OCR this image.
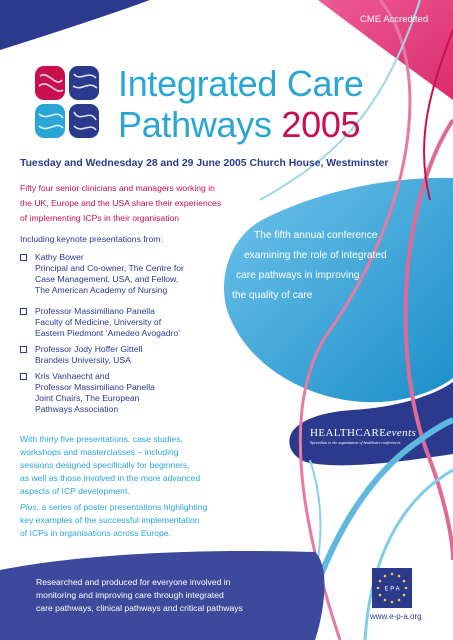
CME Accredited
Integrated Care
Pathways 2005
Tuesday and Wednesday 28 and 29 June 2005 Church House, Westminster
Fifty four senior clinicians and managers working in
the UK, Europe and the USA share their experiences
of implementing ICPs in their organisation
Including keynote presentations from:
Kathy Bower
Principal and Co-owner, The Centre for
Case Management, USA, and Fellow,
The American Academy of Nursing
Professor Massimiliano Panella
Faculty of Medicine, University of
Eastern Piedmont ‘Amedeo Avogadro’
Professor Jody Hoffer Gittell
Brandeis University, USA
Kris Vanhaecht and
Professor Massimiliano Panella
Joint Chairs, The European
Pathways Association
The fifth annual conference
examining the role of integrated
care pathways in improving
the quality of care
HEALTHCAREevents
Specialists in the organisation of healthcare conferences
With thirty five presentations, case studies,
workshops and masterclasses – including
sessions designed specifically for beginners,
as well as those involved in the more advanced
aspects of ICP development.
Plus, a series of poster presentations highlighting
key examples of the successful implementation
of ICPs in organisations across Europe.
Researched and produced for everyone involved in
monitoring and improving care through integrated
care pathways, clinical pathways and critical pathways
E P A
www.e-p-a.org
